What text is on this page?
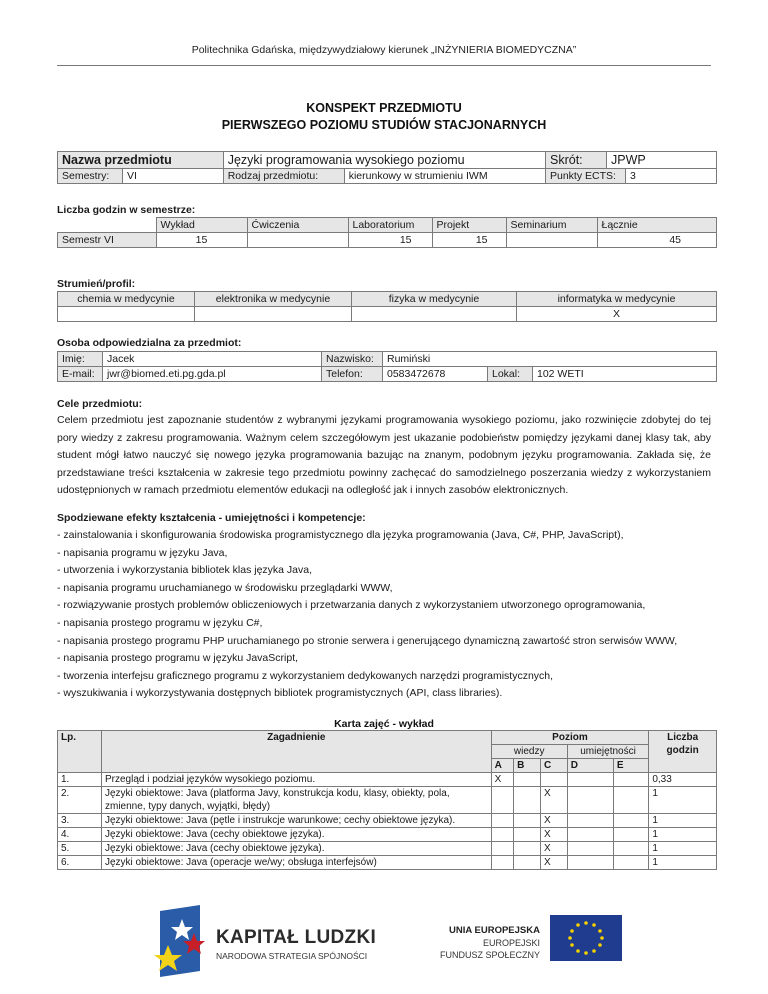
Politechnika Gdańska, międzywydziałowy kierunek „INŻYNIERIA BIOMEDYCZNA”
KONSPEKT PRZEDMIOTU
PIERWSZEGO POZIOMU STUDIÓW STACJONARNYCH
Nazwa przedmiotu		Języki programowania wysokiego poziomu		Skrót:	JPWP	
Semestry:	VI	Rodzaj przedmiotu:	kierunkowy w strumieniu IWM	Punkty ECTS:		3
Liczba godzin w semestrze:
	Wykład	Ćwiczenia	Laboratorium	Projekt	Seminarium	Łącznie
Semestr VI	15		15	15		45
Strumień/profil:
chemia w medycynie	elektronika w medycynie	fizyka w medycynie	informatyka w medycynie
			X
Osoba odpowiedzialna za przedmiot:
Imię:	Jacek	Nazwisko:	Rumiński		
E-mail:	jwr@biomed.eti.pg.gda.pl	Telefon:	0583472678	Lokal:	102 WETI
Cele przedmiotu:
Celem przedmiotu jest zapoznanie studentów z wybranymi językami programowania wysokiego poziomu, jako rozwinięcie zdobytej do tej pory wiedzy z zakresu programowania. Ważnym celem szczegółowym jest ukazanie podobieństw pomiędzy językami danej klasy tak, aby student mógł łatwo nauczyć się nowego języka programowania bazując na znanym, podobnym języku programowania. Zakłada się, że przedstawiane treści kształcenia w zakresie tego przedmiotu powinny zachęcać do samodzielnego poszerzania wiedzy z wykorzystaniem udostępnionych w ramach przedmiotu elementów edukacji na odległość jak i innych zasobów elektronicznych.
Spodziewane efekty kształcenia - umiejętności i kompetencje:
- zainstalowania i skonfigurowania środowiska programistycznego dla języka programowania (Java, C#, PHP, JavaScript),
- napisania programu w języku Java,
- utworzenia i wykorzystania bibliotek klas języka Java,
- napisania programu uruchamianego w środowisku przeglądarki WWW,
- rozwiązywanie prostych problemów obliczeniowych i przetwarzania danych z wykorzystaniem utworzonego oprogramowania,
- napisania prostego programu w języku C#,
- napisania prostego programu PHP uruchamianego po stronie serwera i generującego dynamiczną zawartość stron serwisów WWW,
- napisania prostego programu w języku JavaScript,
- tworzenia interfejsu graficznego programu z wykorzystaniem dedykowanych narzędzi programistycznych,
- wyszukiwania i wykorzystywania dostępnych bibliotek programistycznych (API, class libraries).
Karta zajęć - wykład
Lp.	Zagadnienie	Poziom					Liczba godzin
		wiedzy			umiejętności		
		A	B	C	D	E	
1.	Przegląd i podział języków wysokiego poziomu.	X					0,33
2.	Języki obiektowe: Java (platforma Javy, konstrukcja kodu, klasy, obiekty, pola, zmienne, typy danych, wyjątki, błędy)			X			1
3.	Języki obiektowe: Java (pętle i instrukcje warunkowe; cechy obiektowe języka).			X			1
4.	Języki obiektowe: Java (cechy obiektowe języka).			X			1
5.	Języki obiektowe: Java (cechy obiektowe języka).			X			1
6.	Języki obiektowe: Java (operacje we/wy; obsługa interfejsów)			X			1
KAPITAŁ LUDZKI
NARODOWA STRATEGIA SPÓJNOŚCI
UNIA EUROPEJSKA
EUROPEJSKI
FUNDUSZ SPOŁECZNY
